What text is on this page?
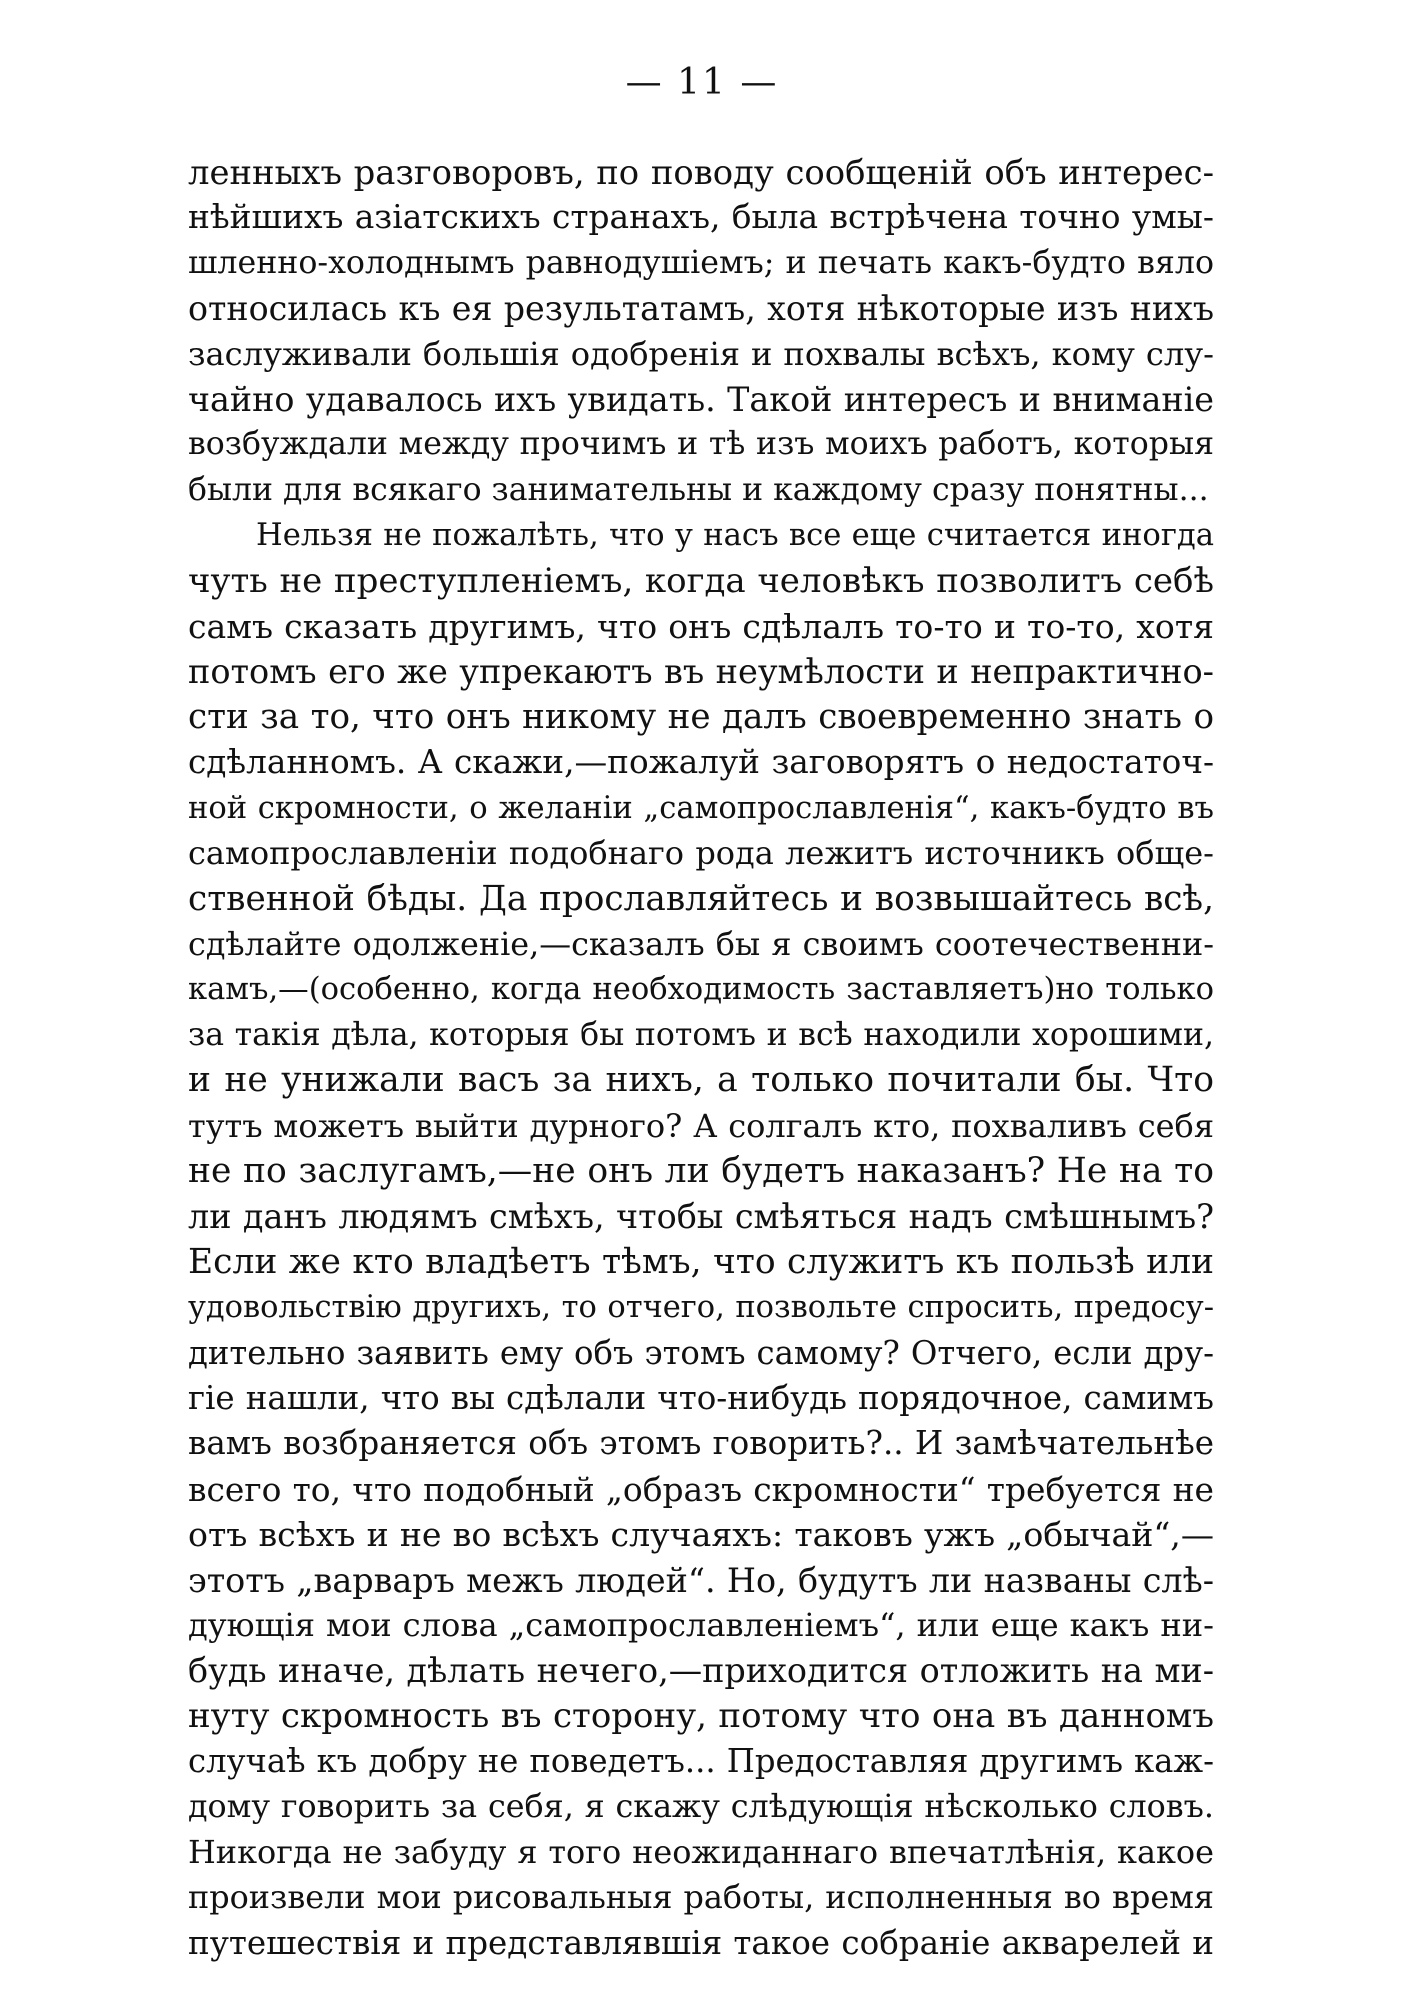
— 11 —
ленныхъ разговоровъ, по поводу сообщеній объ интерес-
нѣйшихъ азіатскихъ странахъ, была встрѣчена точно умы-
шленно-холоднымъ равнодушіемъ; и печать какъ-будто вяло
относилась къ ея результатамъ, хотя нѣкоторые изъ нихъ
заслуживали большія одобренія и похвалы всѣхъ, кому слу-
чайно удавалось ихъ увидать. Такой интересъ и вниманіе
возбуждали между прочимъ и тѣ изъ моихъ работъ, которыя
были для всякаго занимательны и каждому сразу понятны...
Нельзя не пожалѣть, что у насъ все еще считается иногда
чуть не преступленіемъ, когда человѣкъ позволитъ себѣ
самъ сказать другимъ, что онъ сдѣлалъ то-то и то-то, хотя
потомъ его же упрекаютъ въ неумѣлости и непрактично-
сти за то, что онъ никому не далъ своевременно знать о
сдѣланномъ. А скажи,—пожалуй заговорятъ о недостаточ-
ной скромности, о желаніи „самопрославленія“, какъ-будто въ
самопрославленіи подобнаго рода лежитъ источникъ обще-
ственной бѣды. Да прославляйтесь и возвышайтесь всѣ,
сдѣлайте одолженіе,—сказалъ бы я своимъ соотечественни-
камъ,—(особенно, когда необходимость заставляетъ)но только
за такія дѣла, которыя бы потомъ и всѣ находили хорошими,
и не унижали васъ за нихъ, а только почитали бы. Что
тутъ можетъ выйти дурного? А солгалъ кто, похваливъ себя
не по заслугамъ,—не онъ ли будетъ наказанъ? Не на то
ли данъ людямъ смѣхъ, чтобы смѣяться надъ смѣшнымъ?
Если же кто владѣетъ тѣмъ, что служитъ къ пользѣ или
удовольствію другихъ, то отчего, позвольте спросить, предосу-
дительно заявить ему объ этомъ самому? Отчего, если дру-
гіе нашли, что вы сдѣлали что-нибудь порядочное, самимъ
вамъ возбраняется объ этомъ говорить?.. И замѣчательнѣе
всего то, что подобный „образъ скромности“ требуется не
отъ всѣхъ и не во всѣхъ случаяхъ: таковъ ужъ „обычай“,—
этотъ „варваръ межъ людей“. Но, будутъ ли названы слѣ-
дующія мои слова „самопрославленіемъ“, или еще какъ ни-
будь иначе, дѣлать нечего,—приходится отложить на ми-
нуту скромность въ сторону, потому что она въ данномъ
случаѣ къ добру не поведетъ... Предоставляя другимъ каж-
дому говорить за себя, я скажу слѣдующія нѣсколько словъ.
Никогда не забуду я того неожиданнаго впечатлѣнія, какое
произвели мои рисовальныя работы, исполненныя во время
путешествія и представлявшія такое собраніе акварелей и
